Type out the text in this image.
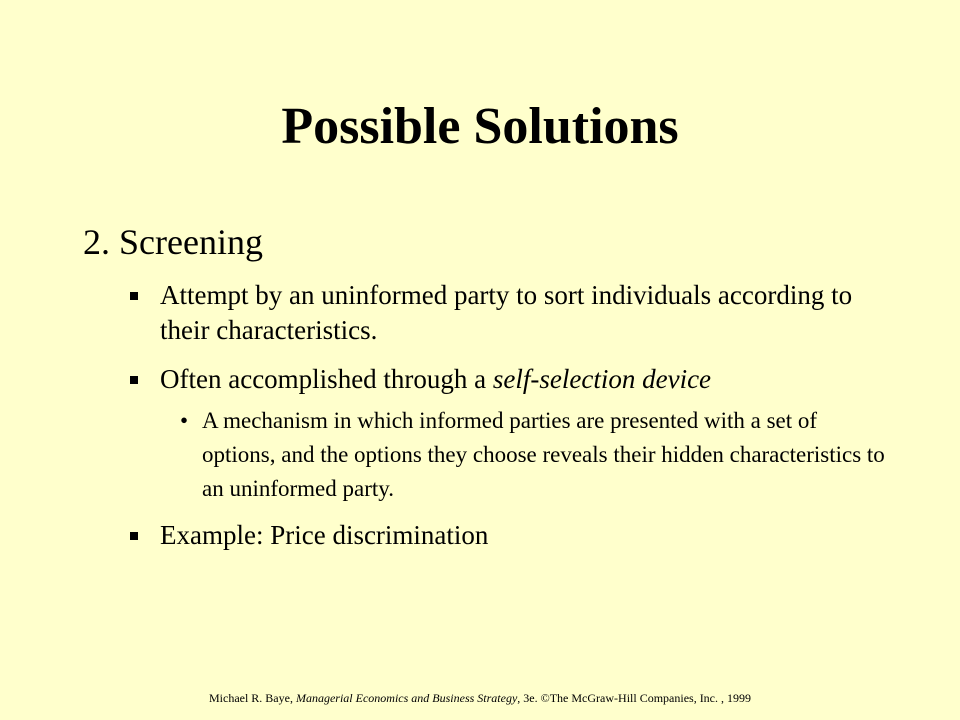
Possible Solutions
2. Screening
Attempt by an uninformed party to sort individuals according to their characteristics.
Often accomplished through a self-selection device
• A mechanism in which informed parties are presented with a set of options, and the options they choose reveals their hidden characteristics to an uninformed party.
Example: Price discrimination
Michael R. Baye, Managerial Economics and Business Strategy, 3e. ©The McGraw-Hill Companies, Inc. , 1999
